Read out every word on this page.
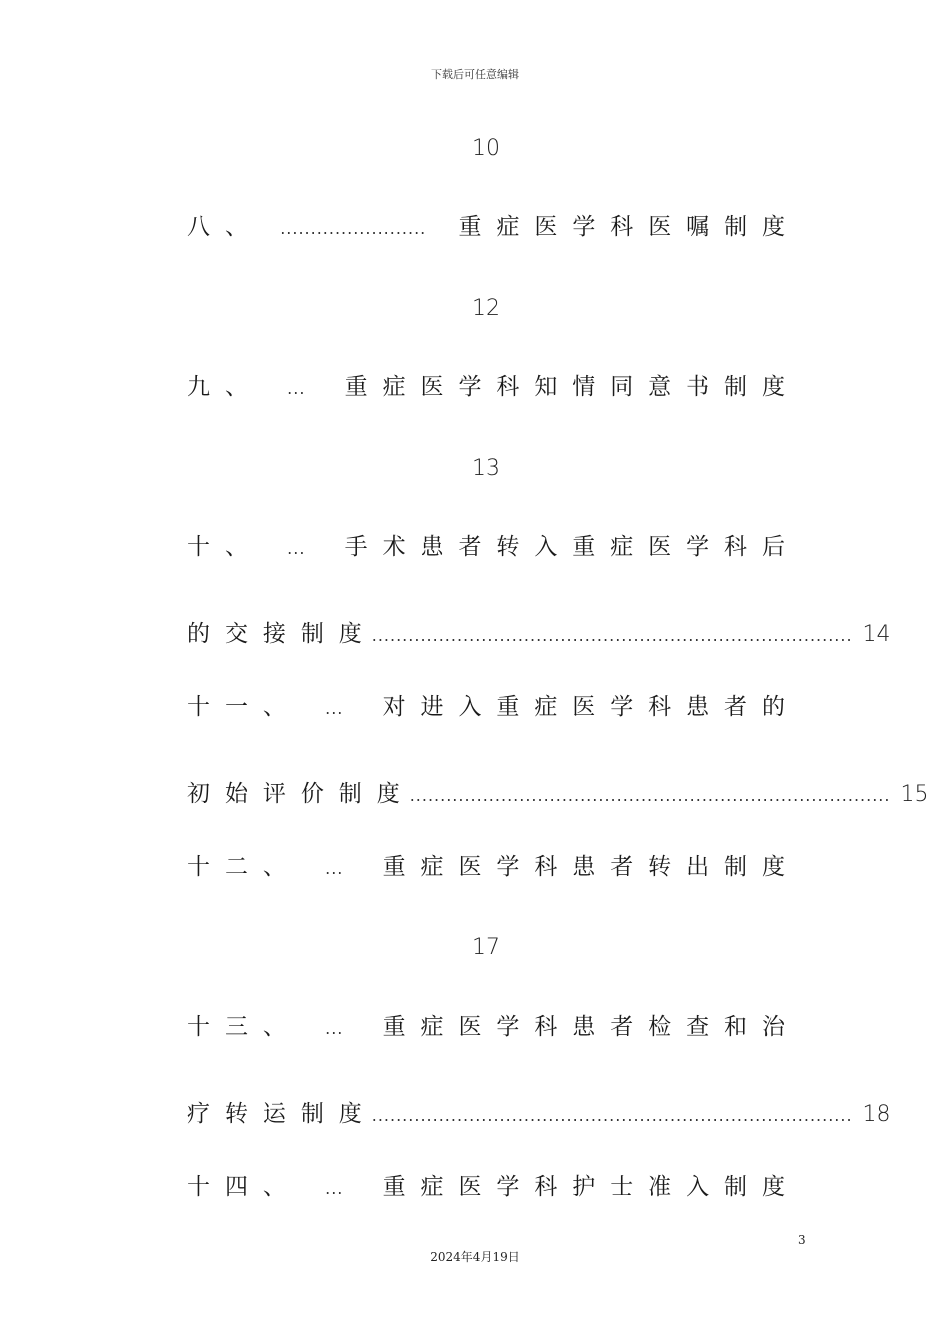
下载后可任意编辑
10
八 、 ........................ 重 症 医 学 科 医 嘱 制 度
12
九 、 ... 重 症 医 学 科 知 情 同 意 书 制 度
13
十 、 ... 手 术 患 者 转 入 重 症 医 学 科 后
的 交 接 制 度 ............................................................................... 14
十 一 、 ... 对 进 入 重 症 医 学 科 患 者 的
初 始 评 价 制 度 ............................................................................... 15
十 二 、 ... 重 症 医 学 科 患 者 转 出 制 度
17
十 三 、 ... 重 症 医 学 科 患 者 检 查 和 治
疗 转 运 制 度 ............................................................................... 18
十 四 、 ... 重 症 医 学 科 护 士 准 入 制 度
3
2024年4月19日
